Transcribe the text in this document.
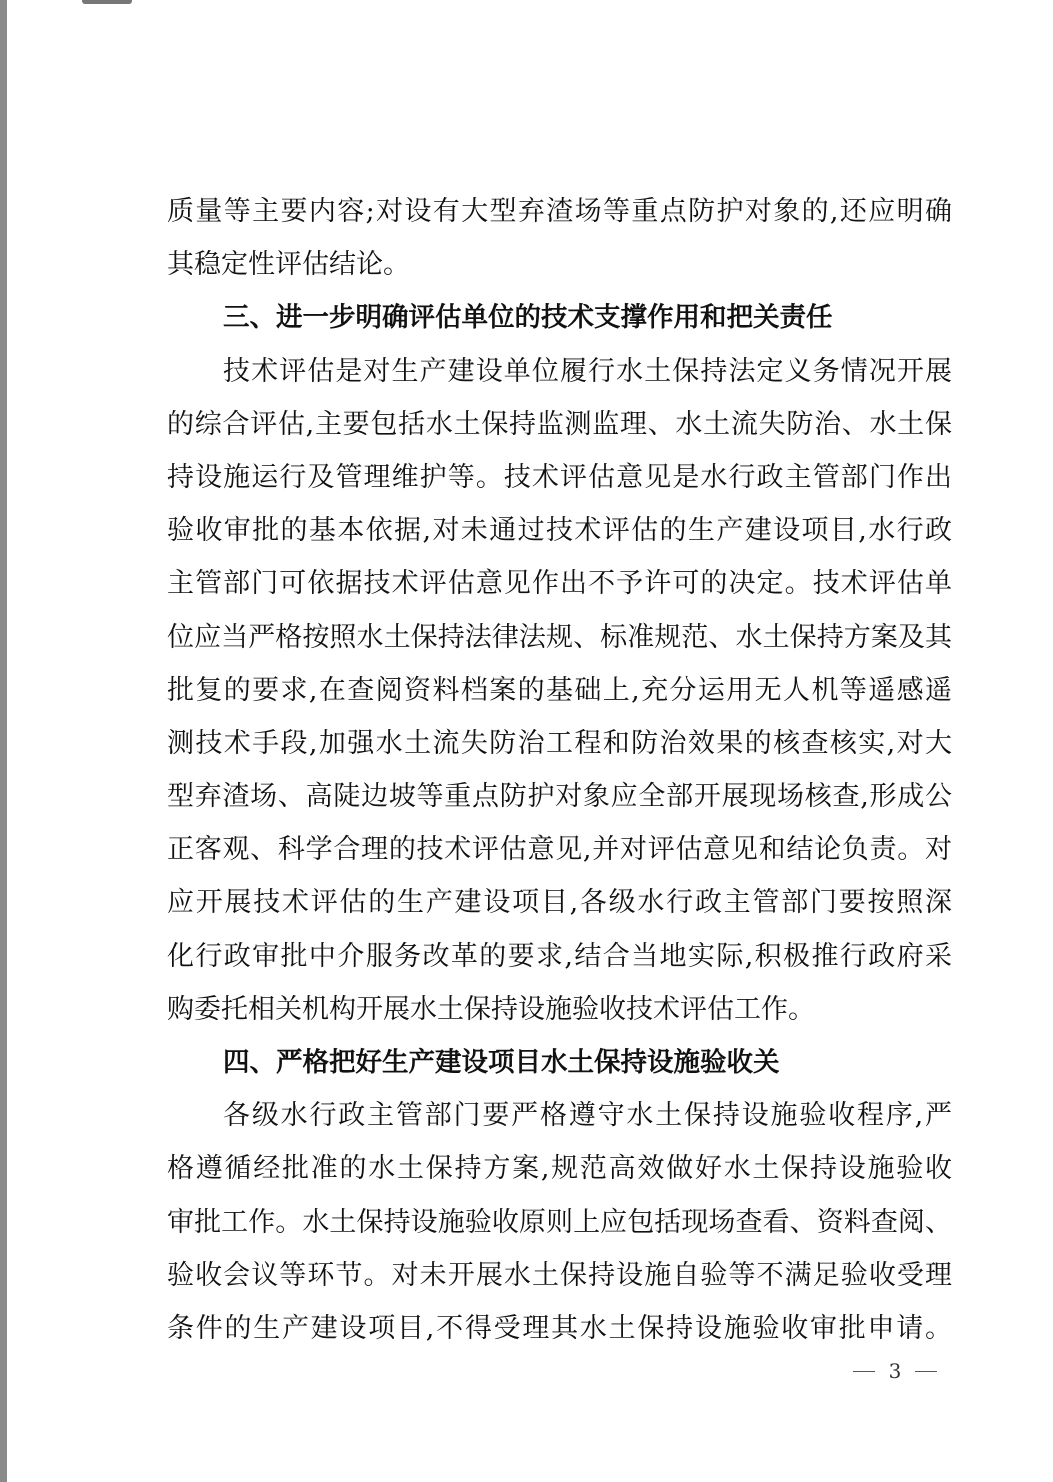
质量等主要内容;对设有大型弃渣场等重点防护对象的,还应明确
其稳定性评估结论。
三、进一步明确评估单位的技术支撑作用和把关责任
技术评估是对生产建设单位履行水土保持法定义务情况开展
的综合评估,主要包括水土保持监测监理、水土流失防治、水土保
持设施运行及管理维护等。技术评估意见是水行政主管部门作出
验收审批的基本依据,对未通过技术评估的生产建设项目,水行政
主管部门可依据技术评估意见作出不予许可的决定。技术评估单
位应当严格按照水土保持法律法规、标准规范、水土保持方案及其
批复的要求,在查阅资料档案的基础上,充分运用无人机等遥感遥
测技术手段,加强水土流失防治工程和防治效果的核查核实,对大
型弃渣场、高陡边坡等重点防护对象应全部开展现场核查,形成公
正客观、科学合理的技术评估意见,并对评估意见和结论负责。对
应开展技术评估的生产建设项目,各级水行政主管部门要按照深
化行政审批中介服务改革的要求,结合当地实际,积极推行政府采
购委托相关机构开展水土保持设施验收技术评估工作。
四、严格把好生产建设项目水土保持设施验收关
各级水行政主管部门要严格遵守水土保持设施验收程序,严
格遵循经批准的水土保持方案,规范高效做好水土保持设施验收
审批工作。水土保持设施验收原则上应包括现场查看、资料查阅、
验收会议等环节。对未开展水土保持设施自验等不满足验收受理
条件的生产建设项目,不得受理其水土保持设施验收审批申请。
3
